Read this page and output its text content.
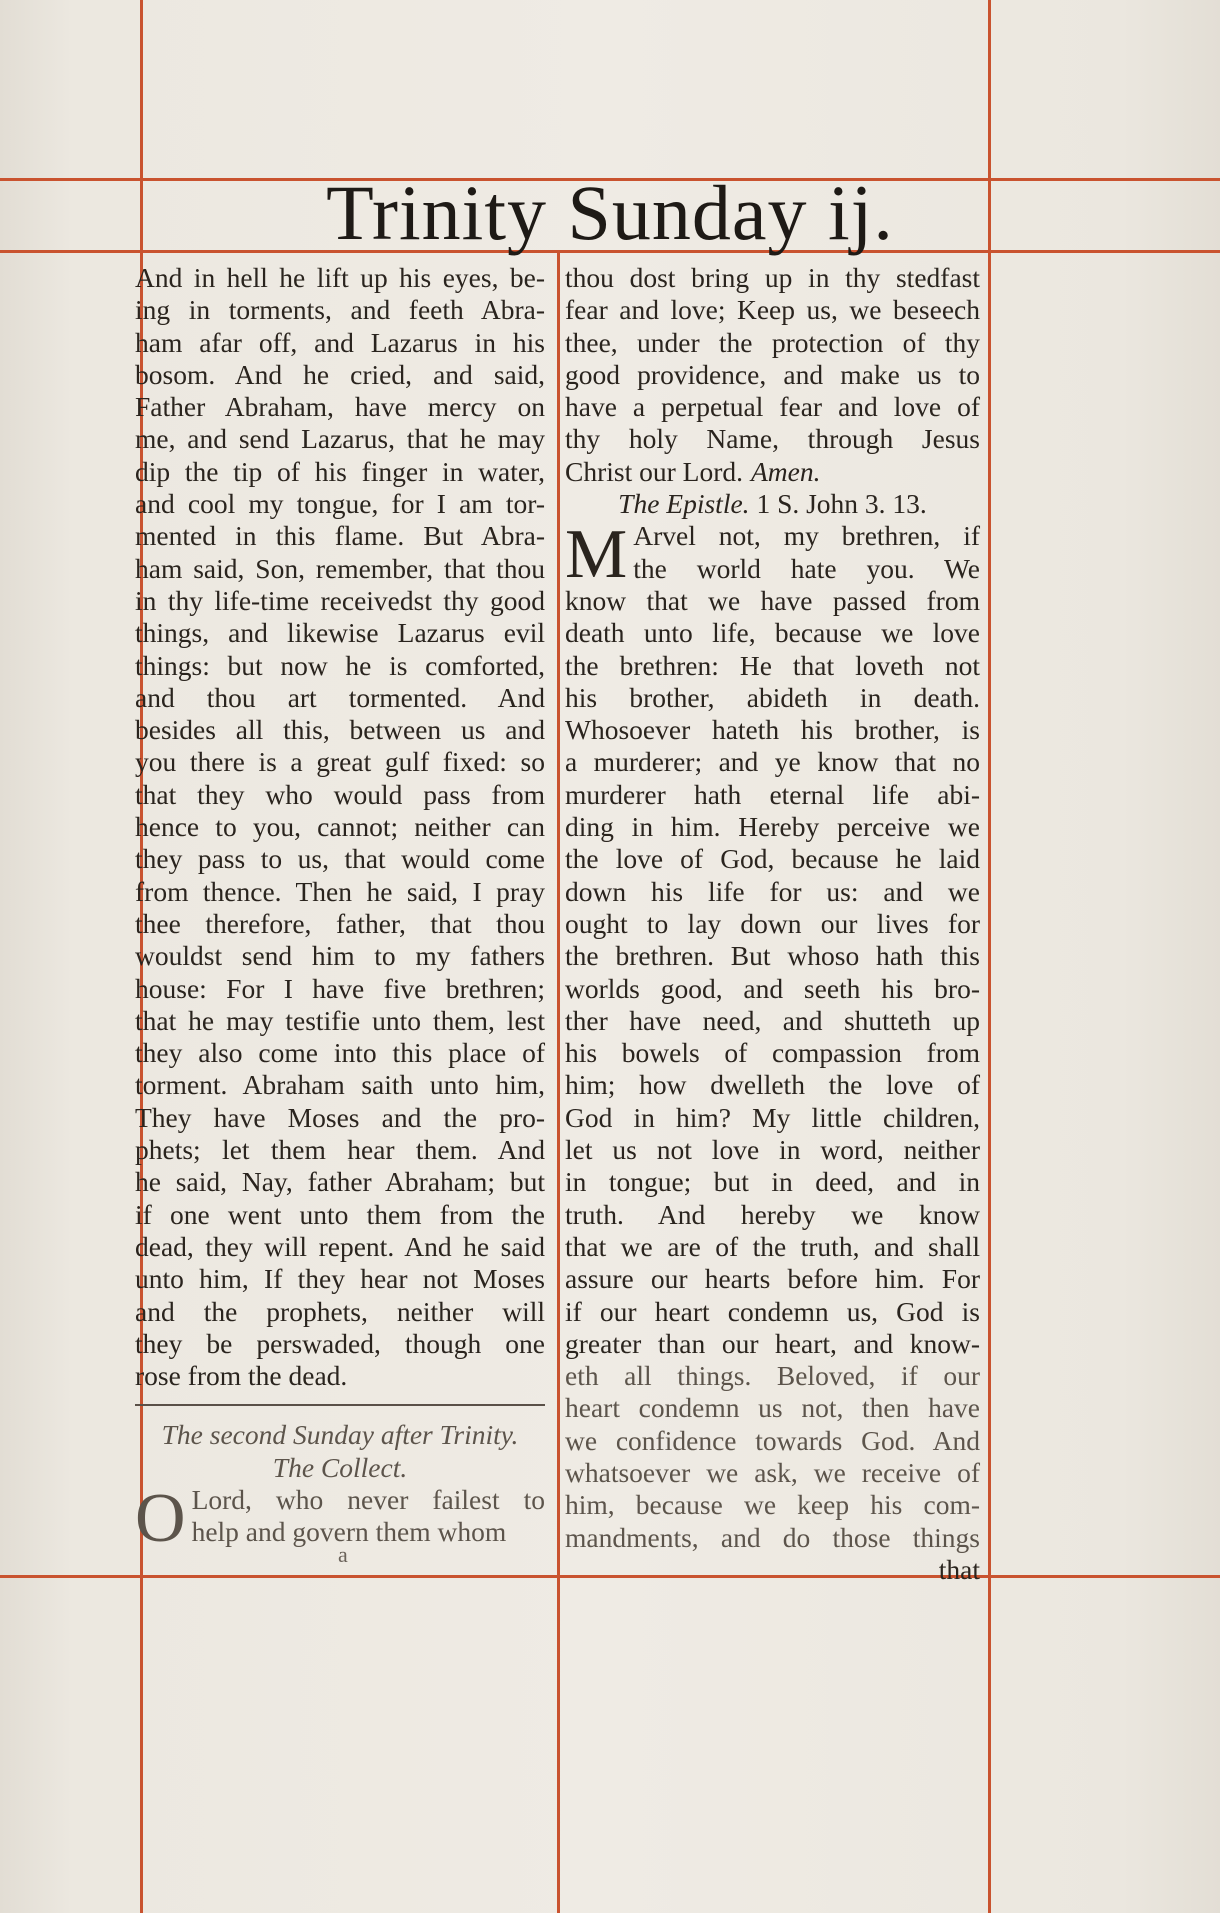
Trinity Sunday ij.
And in hell he lift up his eyes, be-
ing in torments, and feeth Abra-
ham afar off, and Lazarus in his
bosom. And he cried, and said,
Father Abraham, have mercy on
me, and send Lazarus, that he may
dip the tip of his finger in water,
and cool my tongue, for I am tor-
mented in this flame. But Abra-
ham said, Son, remember, that thou
in thy life-time receivedst thy good
things, and likewise Lazarus evil
things: but now he is comforted,
and thou art tormented. And
besides all this, between us and
you there is a great gulf fixed: so
that they who would pass from
hence to you, cannot; neither can
they pass to us, that would come
from thence. Then he said, I pray
thee therefore, father, that thou
wouldst send him to my fathers
house: For I have five brethren;
that he may testifie unto them, lest
they also come into this place of
torment. Abraham saith unto him,
They have Moses and the pro-
phets; let them hear them. And
he said, Nay, father Abraham; but
if one went unto them from the
dead, they will repent. And he said
unto him, If they hear not Moses
and the prophets, neither will
they be perswaded, though one
rose from the dead.
The second Sunday after Trinity.
The Collect.
O Lord, who never failest to
help and govern them whom
a
thou dost bring up in thy stedfast
fear and love; Keep us, we beseech
thee, under the protection of thy
good providence, and make us to
have a perpetual fear and love of
thy holy Name, through Jesus
Christ our Lord. Amen.
The Epistle. 1 S. John 3. 13.
M Arvel not, my brethren, if
the world hate you. We
know that we have passed from
death unto life, because we love
the brethren: He that loveth not
his brother, abideth in death.
Whosoever hateth his brother, is
a murderer; and ye know that no
murderer hath eternal life abi-
ding in him. Hereby perceive we
the love of God, because he laid
down his life for us: and we
ought to lay down our lives for
the brethren. But whoso hath this
worlds good, and seeth his bro-
ther have need, and shutteth up
his bowels of compassion from
him; how dwelleth the love of
God in him? My little children,
let us not love in word, neither
in tongue; but in deed, and in
truth. And hereby we know
that we are of the truth, and shall
assure our hearts before him. For
if our heart condemn us, God is
greater than our heart, and know-
eth all things. Beloved, if our
heart condemn us not, then have
we confidence towards God. And
whatsoever we ask, we receive of
him, because we keep his com-
mandments, and do those things
that
